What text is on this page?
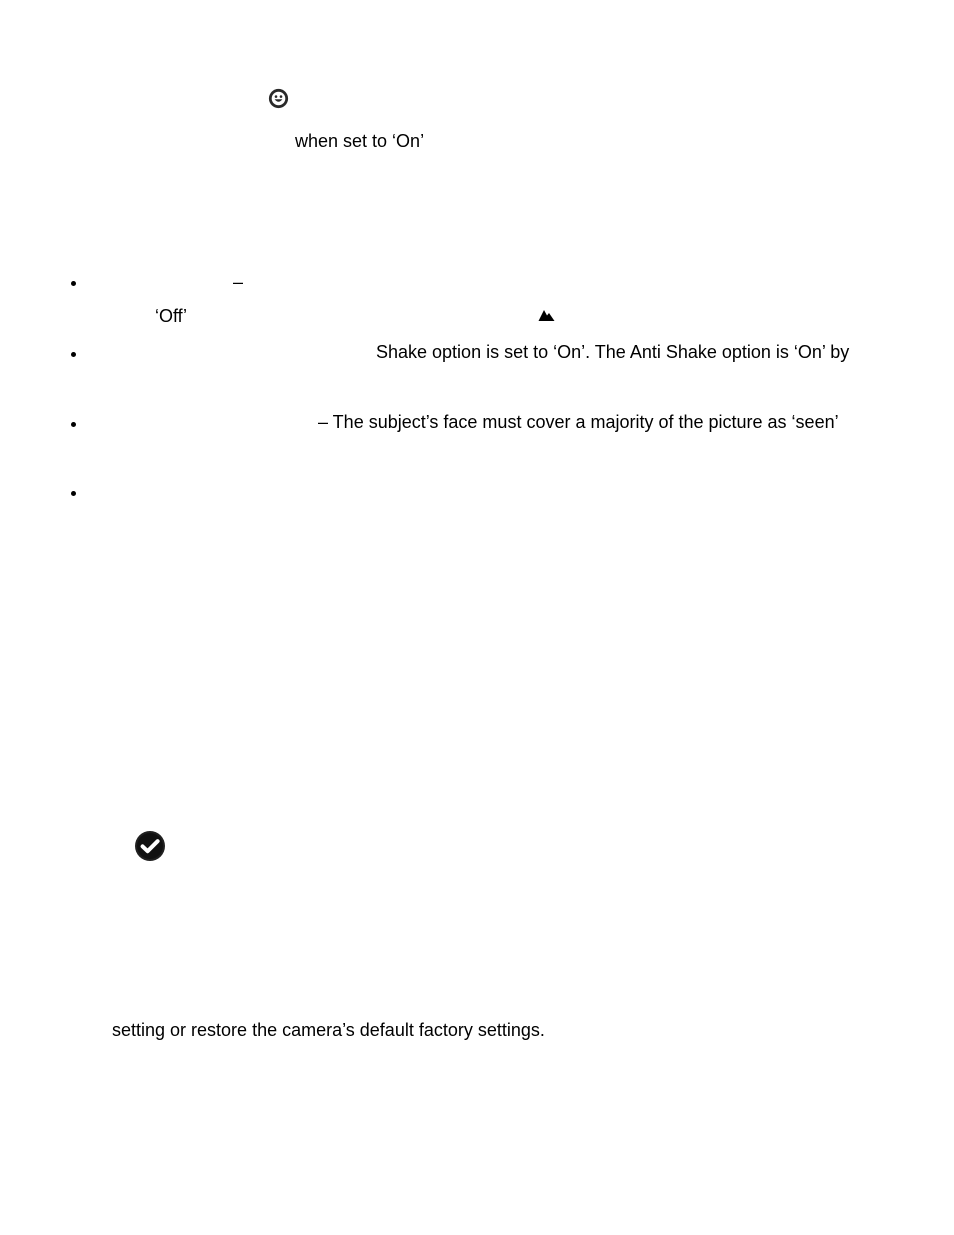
when set to ‘On’
–
‘Off’
Shake option is set to ‘On’. The Anti Shake option is ‘On’ by
– The subject’s face must cover a majority of the picture as ‘seen’
setting or restore the camera’s default factory settings.
